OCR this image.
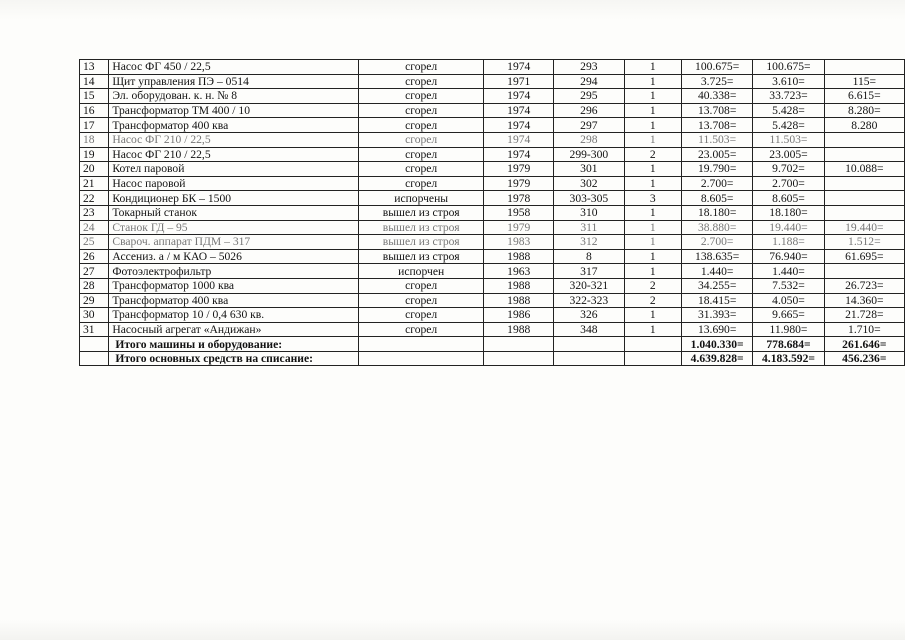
13	Насос ФГ 450 / 22,5	сгорел	1974	293	1	100.675=	100.675=	
14	Щит управления ПЭ – 0514	сгорел	1971	294	1	3.725=	3.610=	115=
15	Эл. оборудован. к. н. № 8	сгорел	1974	295	1	40.338=	33.723=	6.615=
16	Трансформатор ТМ 400 / 10	сгорел	1974	296	1	13.708=	5.428=	8.280=
17	Трансформатор 400 ква	сгорел	1974	297	1	13.708=	5.428=	8.280
18	Насос ФГ 210 / 22,5	сгорел	1974	298	1	11.503=	11.503=	
19	Насос ФГ 210 / 22,5	сгорел	1974	299-300	2	23.005=	23.005=	
20	Котел паровой	сгорел	1979	301	1	19.790=	9.702=	10.088=
21	Насос паровой	сгорел	1979	302	1	2.700=	2.700=	
22	Кондиционер БК – 1500	испорчены	1978	303-305	3	8.605=	8.605=	
23	Токарный станок	вышел из строя	1958	310	1	18.180=	18.180=	
24	Станок ГД – 95	вышел из строя	1979	311	1	38.880=	19.440=	19.440=
25	Свароч. аппарат ПДМ – 317	вышел из строя	1983	312	1	2.700=	1.188=	1.512=
26	Ассениз. а / м КАО – 5026	вышел из строя	1988	8	1	138.635=	76.940=	61.695=
27	Фотоэлектрофильтр	испорчен	1963	317	1	1.440=	1.440=	
28	Трансформатор 1000 ква	сгорел	1988	320-321	2	34.255=	7.532=	26.723=
29	Трансформатор 400 ква	сгорел	1988	322-323	2	18.415=	4.050=	14.360=
30	Трансформатор 10 / 0,4 630 кв.	сгорел	1986	326	1	31.393=	9.665=	21.728=
31	Насосный агрегат «Андижан»	сгорел	1988	348	1	13.690=	11.980=	1.710=
	Итого машины и оборудование:					1.040.330=	778.684=	261.646=
	Итого основных средств на списание:					4.639.828=	4.183.592=	456.236=
